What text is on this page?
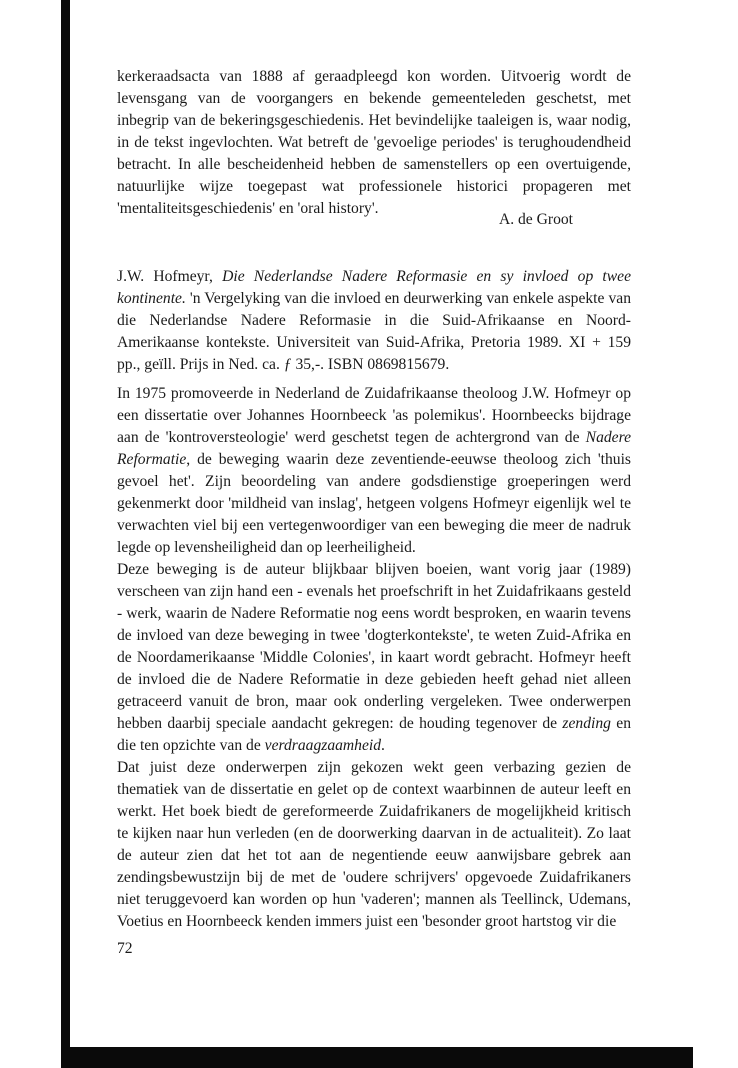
kerkeraadsacta van 1888 af geraadpleegd kon worden. Uitvoerig wordt de levensgang van de voorgangers en bekende gemeenteleden geschetst, met inbegrip van de bekeringsgeschiedenis. Het bevindelijke taaleigen is, waar nodig, in de tekst ingevlochten. Wat betreft de 'gevoelige periodes' is terughoudendheid betracht. In alle bescheidenheid hebben de samenstellers op een overtuigende, natuurlijke wijze toegepast wat professionele historici propageren met 'mentaliteitsgeschiedenis' en 'oral history'.

A. de Groot

J.W. Hofmeyr, Die Nederlandse Nadere Reformasie en sy invloed op twee kontinente. 'n Vergelyking van die invloed en deurwerking van enkele aspekte van die Nederlandse Nadere Reformasie in die Suid-Afrikaanse en Noord-Amerikaanse kontekste. Universiteit van Suid-Afrika, Pretoria 1989. XI + 159 pp., geïll. Prijs in Ned. ca. ƒ 35,-. ISBN 0869815679.

In 1975 promoveerde in Nederland de Zuidafrikaanse theoloog J.W. Hofmeyr op een dissertatie over Johannes Hoornbeeck 'as polemikus'. Hoornbeecks bijdrage aan de 'kontroversteologie' werd geschetst tegen de achtergrond van de Nadere Reformatie, de beweging waarin deze zeventiende-eeuwse theoloog zich 'thuis gevoel het'. Zijn beoordeling van andere godsdienstige groeperingen werd gekenmerkt door 'mildheid van inslag', hetgeen volgens Hofmeyr eigenlijk wel te verwachten viel bij een vertegenwoordiger van een beweging die meer de nadruk legde op levensheiligheid dan op leerheiligheid.

Deze beweging is de auteur blijkbaar blijven boeien, want vorig jaar (1989) verscheen van zijn hand een - evenals het proefschrift in het Zuidafrikaans gesteld - werk, waarin de Nadere Reformatie nog eens wordt besproken, en waarin tevens de invloed van deze beweging in twee 'dogterkontekste', te weten Zuid-Afrika en de Noordamerikaanse 'Middle Colonies', in kaart wordt gebracht. Hofmeyr heeft de invloed die de Nadere Reformatie in deze gebieden heeft gehad niet alleen getraceerd vanuit de bron, maar ook onderling vergeleken. Twee onderwerpen hebben daarbij speciale aandacht gekregen: de houding tegenover de zending en die ten opzichte van de verdraagzaamheid.

Dat juist deze onderwerpen zijn gekozen wekt geen verbazing gezien de thematiek van de dissertatie en gelet op de context waarbinnen de auteur leeft en werkt. Het boek biedt de gereformeerde Zuidafrikaners de mogelijkheid kritisch te kijken naar hun verleden (en de doorwerking daarvan in de actualiteit). Zo laat de auteur zien dat het tot aan de negentiende eeuw aanwijsbare gebrek aan zendingsbewustzijn bij de met de 'oudere schrijvers' opgevoede Zuidafrikaners niet teruggevoerd kan worden op hun 'vaderen'; mannen als Teellinck, Udemans, Voetius en Hoornbeeck kenden immers juist een 'besonder groot hartstog vir die

72
